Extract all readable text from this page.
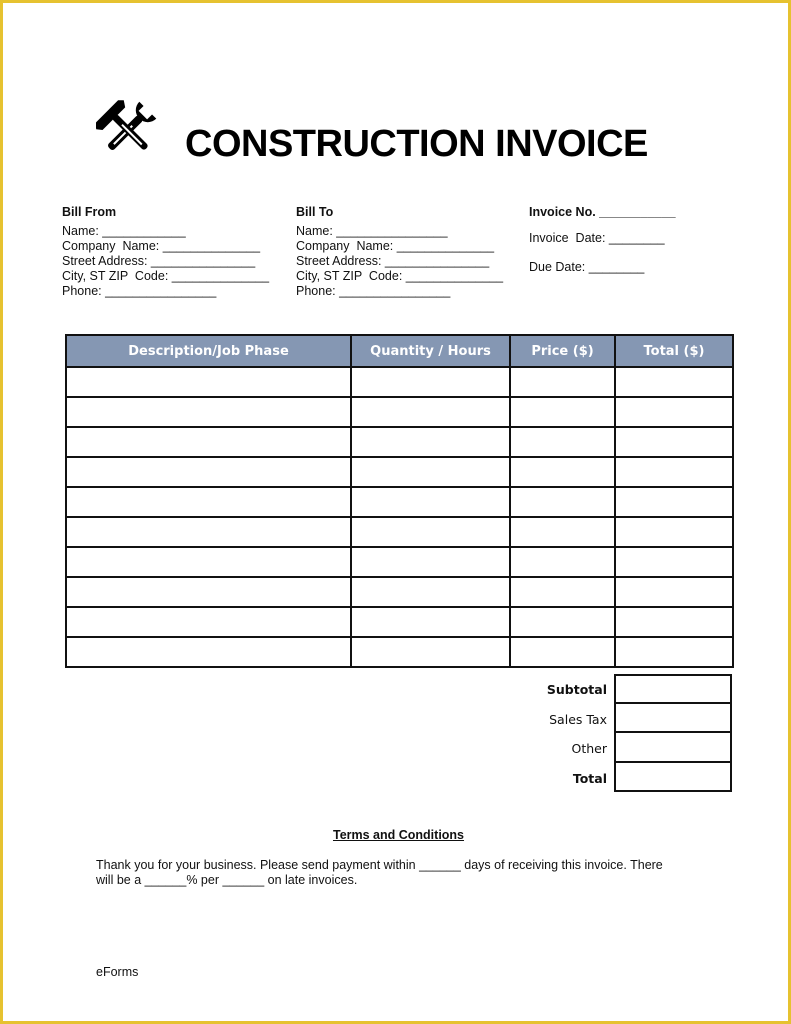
CONSTRUCTION INVOICE
Bill From
Name: ____________
Company  Name: ______________
Street Address: _______________
City, ST ZIP  Code: ______________
Phone: ________________
Bill To
Name: ________________
Company  Name: ______________
Street Address: _______________
City, ST ZIP  Code: ______________
Phone: ________________
Invoice No. ___________
Invoice  Date: ________
Due Date: ________
Description/Job Phase	Quantity / Hours	Price ($)	Total ($)

Subtotal
Sales Tax
Other
Total
Terms and Conditions
Thank you for your business. Please send payment within ______ days of receiving this invoice. There
will be a ______% per ______ on late invoices.
eForms
